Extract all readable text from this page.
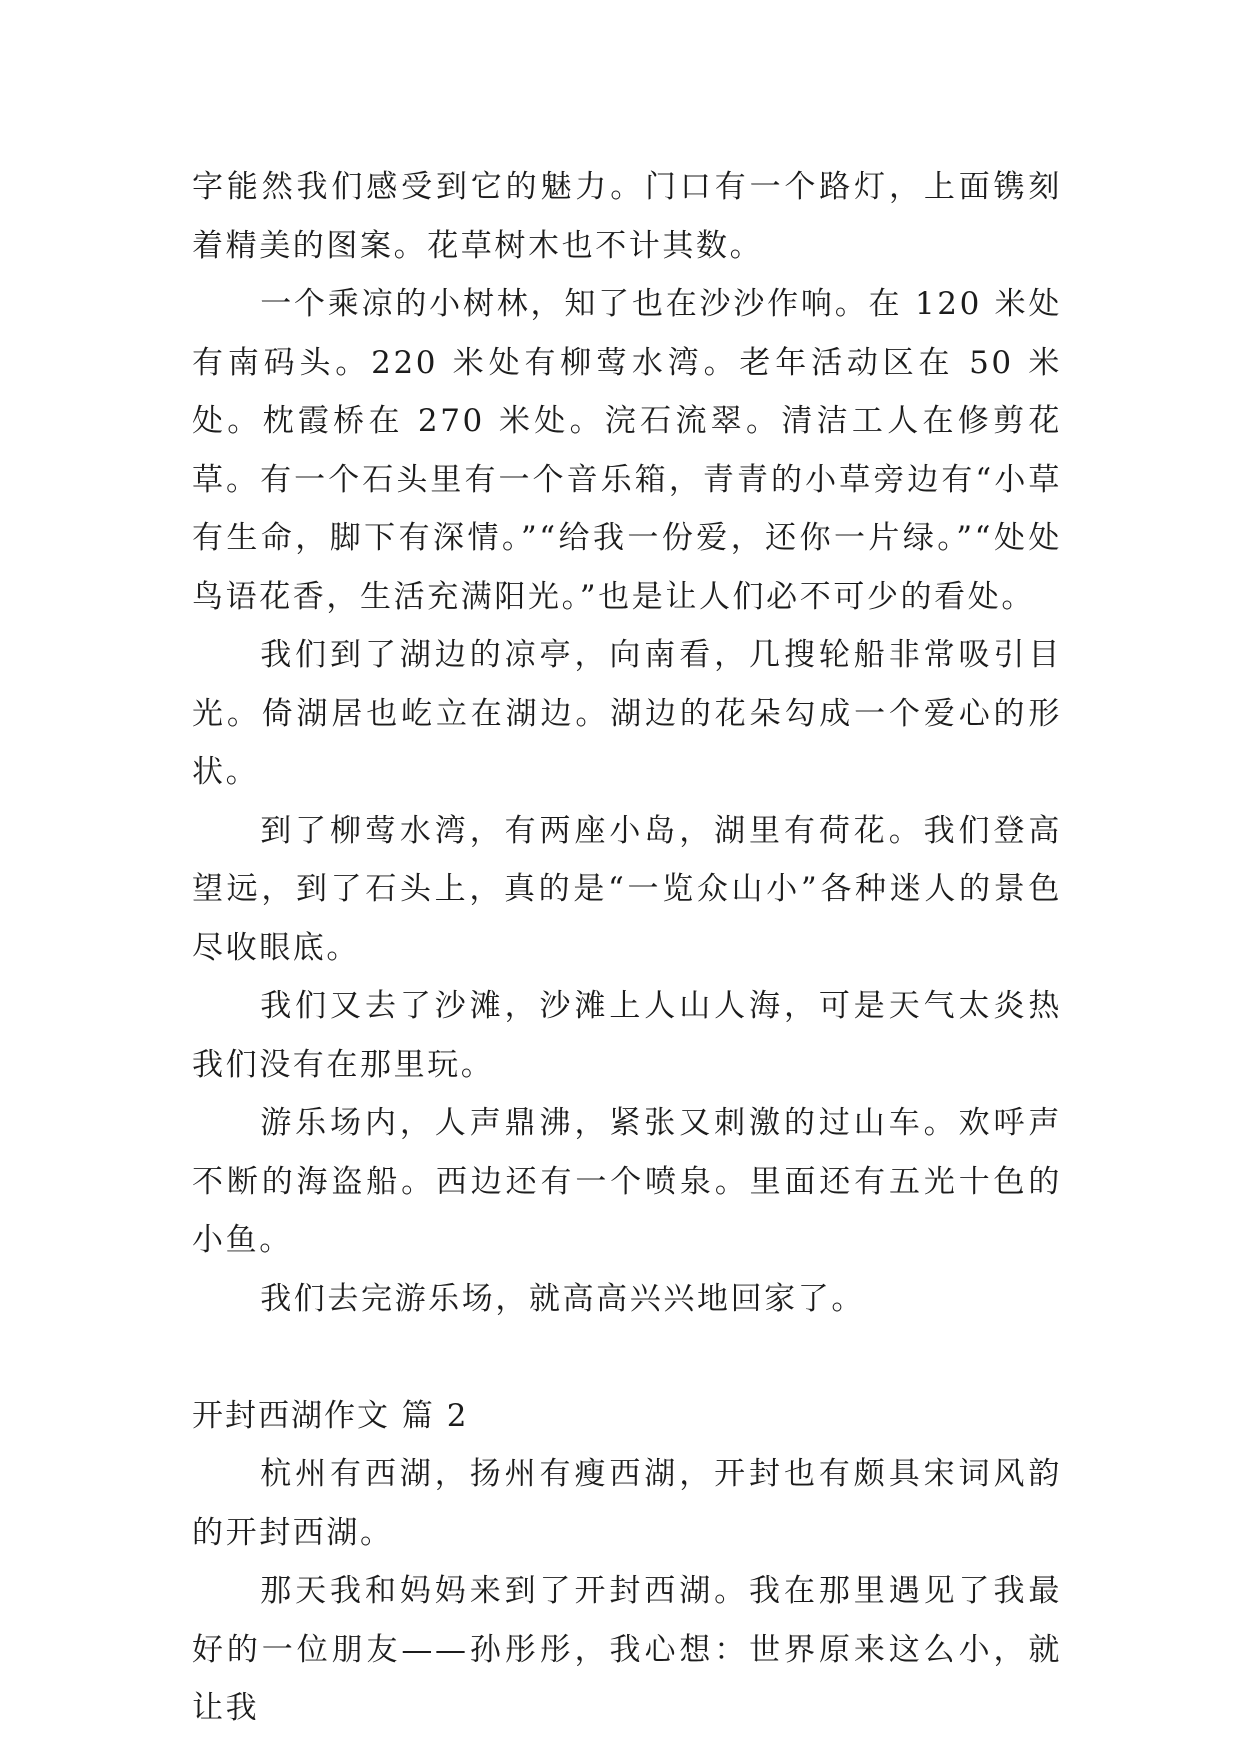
字能然我们感受到它的魅力。门口有一个路灯，上面镌刻着精美的图案。花草树木也不计其数。

一个乘凉的小树林，知了也在沙沙作响。在 120 米处有南码头。220 米处有柳莺水湾。老年活动区在 50 米处。枕霞桥在 270 米处。浣石流翠。清洁工人在修剪花草。有一个石头里有一个音乐箱，青青的小草旁边有“小草有生命，脚下有深情。”“给我一份爱，还你一片绿。”“处处鸟语花香，生活充满阳光。”也是让人们必不可少的看处。

我们到了湖边的凉亭，向南看，几搜轮船非常吸引目光。倚湖居也屹立在湖边。湖边的花朵勾成一个爱心的形状。

到了柳莺水湾，有两座小岛，湖里有荷花。我们登高望远，到了石头上，真的是“一览众山小”各种迷人的景色尽收眼底。

我们又去了沙滩，沙滩上人山人海，可是天气太炎热我们没有在那里玩。

游乐场内，人声鼎沸，紧张又刺激的过山车。欢呼声不断的海盗船。西边还有一个喷泉。里面还有五光十色的小鱼。

我们去完游乐场，就高高兴兴地回家了。

开封西湖作文 篇 2

杭州有西湖，扬州有瘦西湖，开封也有颇具宋词风韵的开封西湖。

那天我和妈妈来到了开封西湖。我在那里遇见了我最好的一位朋友——孙彤彤，我心想：世界原来这么小，就让我
